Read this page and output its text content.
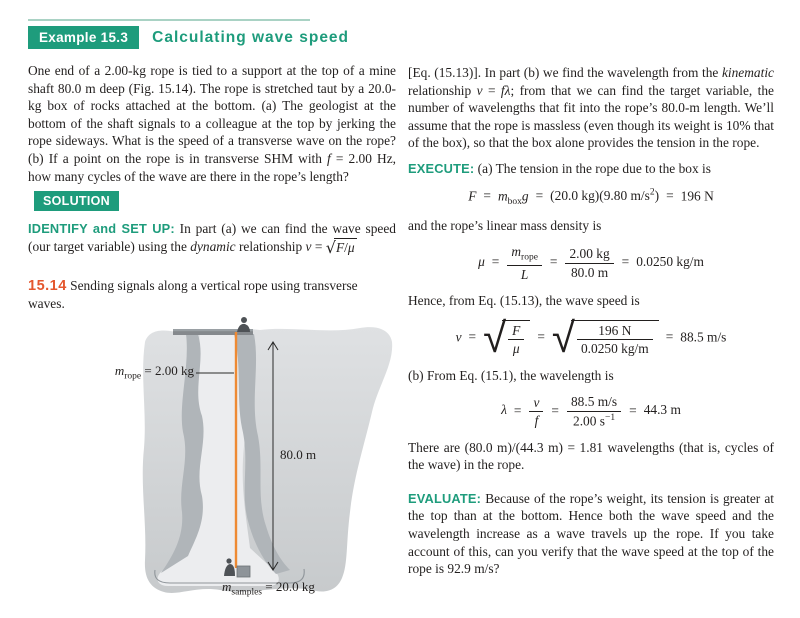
Example 15.3	Calculating wave speed

One end of a 2.00-kg rope is tied to a support at the top of a mine shaft 80.0 m deep (Fig. 15.14). The rope is stretched taut by a 20.0-kg box of rocks attached at the bottom. (a) The geologist at the bottom of the shaft signals to a colleague at the top by jerking the rope sideways. What is the speed of a transverse wave on the rope? (b) If a point on the rope is in transverse SHM with f = 2.00 Hz, how many cycles of the wave are there in the rope’s length?

SOLUTION

IDENTIFY and SET UP: In part (a) we can find the wave speed (our target variable) using the dynamic relationship v = √ F/μ

15.14 Sending signals along a vertical rope using transverse waves.

$m_{rope} = 2.00$ kg
80.0 m
$m_{samples} = 20.0$ kg

[Eq. (15.13)]. In part (b) we find the wavelength from the kinematic relationship v = fλ; from that we can find the target variable, the number of wavelengths that fit into the rope’s 80.0-m length. We’ll assume that the rope is massless (even though its weight is 10% that of the box), so that the box alone provides the tension in the rope.

EXECUTE: (a) The tension in the rope due to the box is

$F = m_{box}g = (20.0$ kg)(9.80 $m/s^2) = 196$ N

and the rope’s linear mass density is

$\mu = \frac{m_{rope}}{L} = \frac{2.00 kg}{80.0 m} = 0.0250$ kg/m

Hence, from Eq. (15.13), the wave speed is

v = √ $\frac{F}{\mu}$ = √ $\frac{196 N}{0.0250 kg/m} = 88.5$ m/s

(b) From Eq. (15.1), the wavelength is

$\lambda = \frac{v}{f} = \frac{88.5 m/s}{2.00 s^{-1}} = 44.3$ m

There are (80.0 m)/(44.3 m) = 1.81 wavelengths (that is, cycles of the wave) in the rope.

EVALUATE: Because of the rope’s weight, its tension is greater at the top than at the bottom. Hence both the wave speed and the wavelength increase as a wave travels up the rope. If you take account of this, can you verify that the wave speed at the top of the rope is 92.9 m/s?
